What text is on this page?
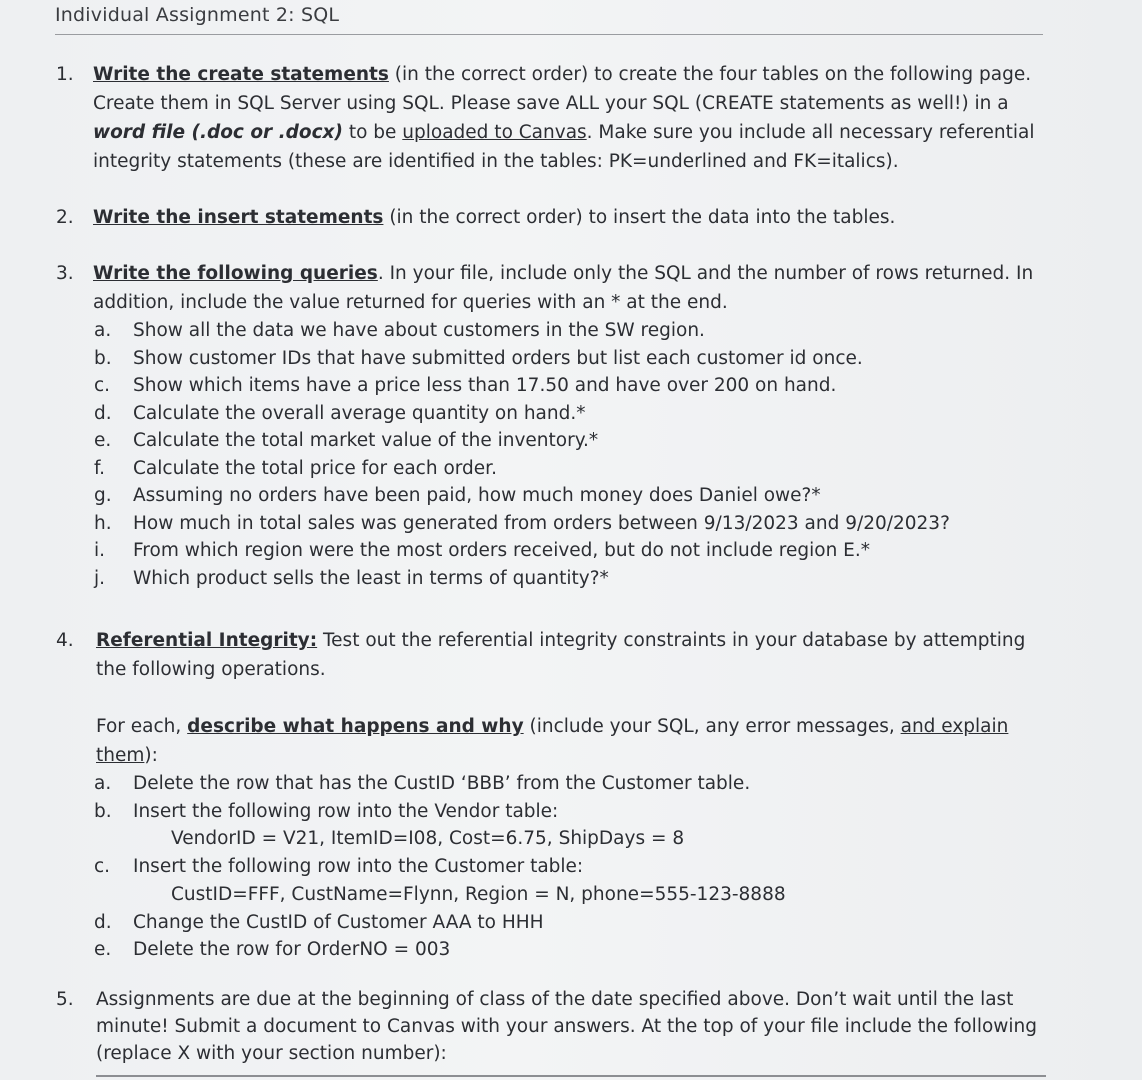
Individual Assignment 2: SQL
1.	Write the create statements (in the correct order) to create the four tables on the following page. Create them in SQL Server using SQL. Please save ALL your SQL (CREATE statements as well!) in a word file (.doc or .docx) to be uploaded to Canvas. Make sure you include all necessary referential integrity statements (these are identified in the tables: PK=underlined and FK=italics).
2.	Write the insert statements (in the correct order) to insert the data into the tables.
3.	Write the following queries. In your file, include only the SQL and the number of rows returned. In addition, include the value returned for queries with an * at the end.
a.	Show all the data we have about customers in the SW region.
b.	Show customer IDs that have submitted orders but list each customer id once.
c.	Show which items have a price less than 17.50 and have over 200 on hand.
d.	Calculate the overall average quantity on hand.*
e.	Calculate the total market value of the inventory.*
f.	Calculate the total price for each order.
g.	Assuming no orders have been paid, how much money does Daniel owe?*
h.	How much in total sales was generated from orders between 9/13/2023 and 9/20/2023?
i.	From which region were the most orders received, but do not include region E.*
j.	Which product sells the least in terms of quantity?*
4.	Referential Integrity: Test out the referential integrity constraints in your database by attempting the following operations.
For each, describe what happens and why (include your SQL, any error messages, and explain them):
a.	Delete the row that has the CustID ‘BBB’ from the Customer table.
b.	Insert the following row into the Vendor table:
VendorID = V21, ItemID=I08, Cost=6.75, ShipDays = 8
c.	Insert the following row into the Customer table:
CustID=FFF, CustName=Flynn, Region = N, phone=555-123-8888
d.	Change the CustID of Customer AAA to HHH
e.	Delete the row for OrderNO = 003
5.	Assignments are due at the beginning of class of the date specified above. Don’t wait until the last minute! Submit a document to Canvas with your answers. At the top of your file include the following (replace X with your section number):
